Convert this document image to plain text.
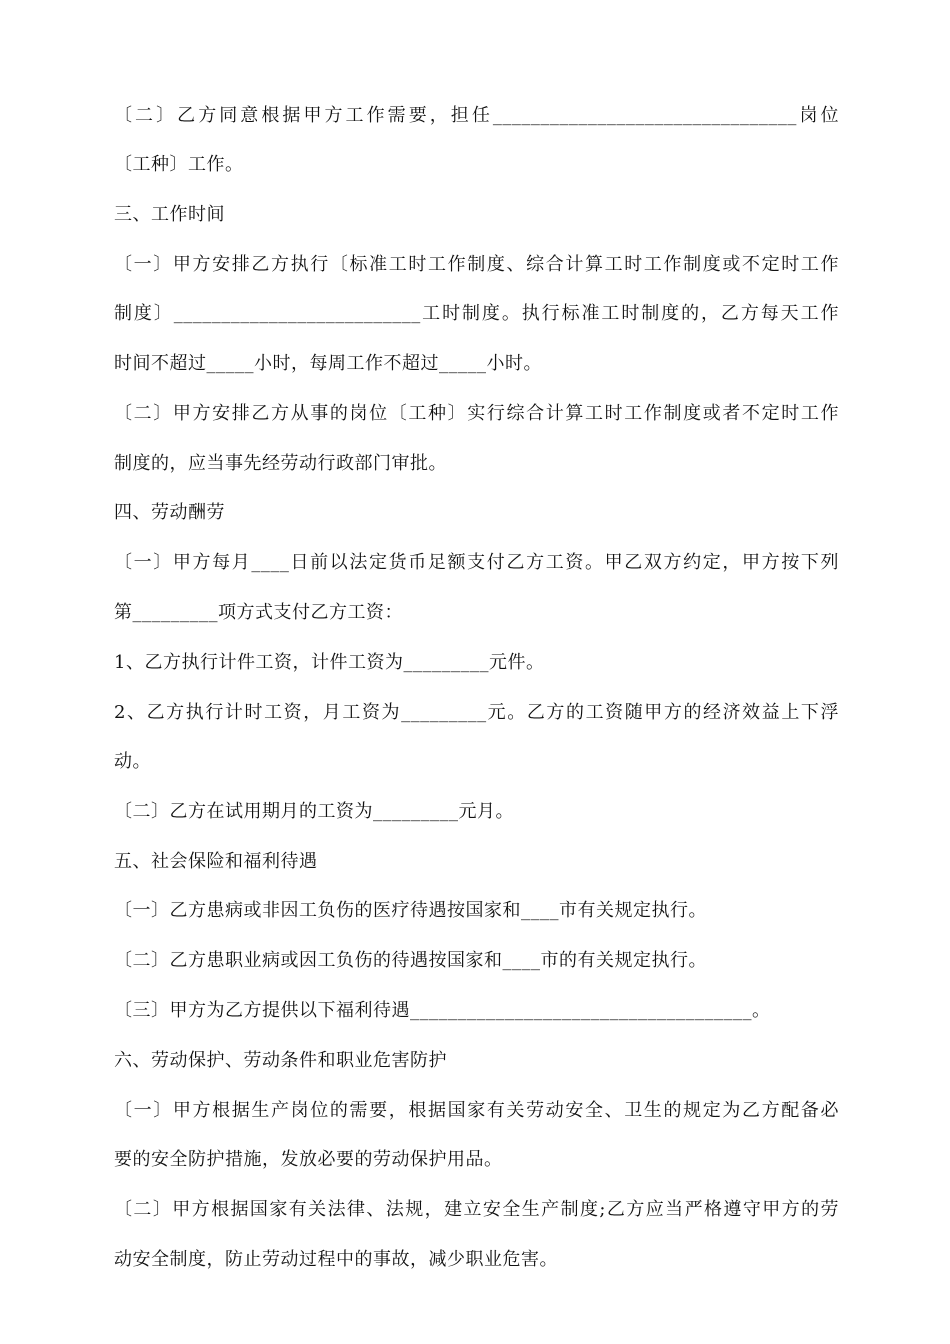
〔二〕乙方同意根据甲方工作需要，担任________________________________岗位
〔工种〕工作。
三、工作时间
〔一〕甲方安排乙方执行〔标准工时工作制度、综合计算工时工作制度或不定时工作
制度〕__________________________工时制度。执行标准工时制度的，乙方每天工作
时间不超过_____小时，每周工作不超过_____小时。
〔二〕甲方安排乙方从事的岗位〔工种〕实行综合计算工时工作制度或者不定时工作
制度的，应当事先经劳动行政部门审批。
四、劳动酬劳
〔一〕甲方每月____日前以法定货币足额支付乙方工资。甲乙双方约定，甲方按下列
第_________项方式支付乙方工资：
1、乙方执行计件工资，计件工资为_________元件。
2、乙方执行计时工资，月工资为_________元。乙方的工资随甲方的经济效益上下浮
动。
〔二〕乙方在试用期月的工资为_________元月。
五、社会保险和福利待遇
〔一〕乙方患病或非因工负伤的医疗待遇按国家和____市有关规定执行。
〔二〕乙方患职业病或因工负伤的待遇按国家和____市的有关规定执行。
〔三〕甲方为乙方提供以下福利待遇____________________________________。
六、劳动保护、劳动条件和职业危害防护
〔一〕甲方根据生产岗位的需要，根据国家有关劳动安全、卫生的规定为乙方配备必
要的安全防护措施，发放必要的劳动保护用品。
〔二〕甲方根据国家有关法律、法规，建立安全生产制度;乙方应当严格遵守甲方的劳
动安全制度，防止劳动过程中的事故，减少职业危害。
